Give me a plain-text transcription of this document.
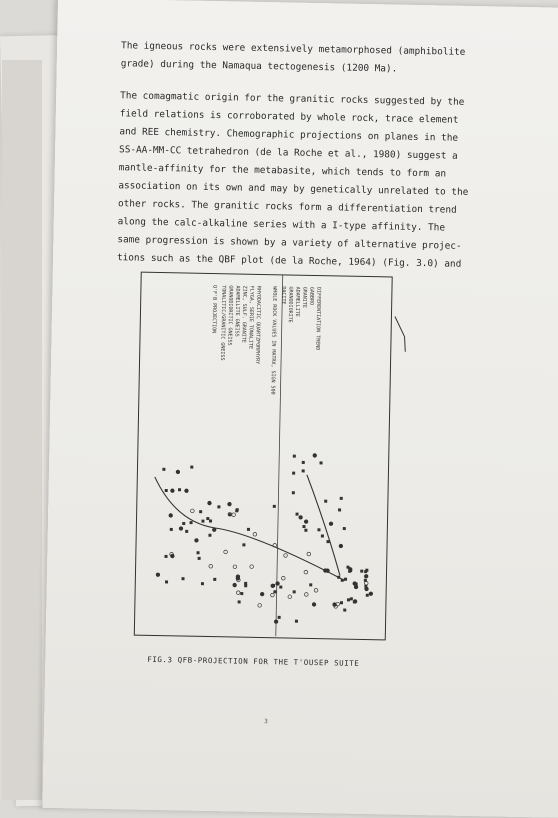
The igneous rocks were extensively metamorphosed (amphibolite
grade) during the Namaqua tectogenesis (1200 Ma).

The comagmatic origin for the granitic rocks suggested by the
field relations is corroborated by whole rock, trace element
and REE chemistry. Chemographic projections on planes in the
SS-AA-MM-CC tetrahedron (de la Roche et al., 1980) suggest a
mantle-affinity for the metabasite, which tends to form an
association on its own and may by genetically unrelated to the
other rocks. The granitic rocks form a differentiation trend
along the calc-alkaline series with a I-type affinity. The
same progression is shown by a variety of alternative projec-
tions such as the QBF plot (de la Roche, 1964) (Fig. 3.0) and

Q'F'B PROJECTION TONALITIC/GRANITIC GNEISS GRANODIORITIC GNEISS ADAMELLITE GNEISS ZINC, SULF. GRANITE FLYGA, SERIE TONALITE RHYODACITIC QUARTZPORPHYRY WHOLE ROCK VALUES IN MATRX, SIGN 500 DACITE GRANODIORITE ADAMELLITE GRANITE GABBRO DIFFERENTIATION TREND
FIG.3 QFB-PROJECTION FOR THE T'OUSEP SUITE
3
